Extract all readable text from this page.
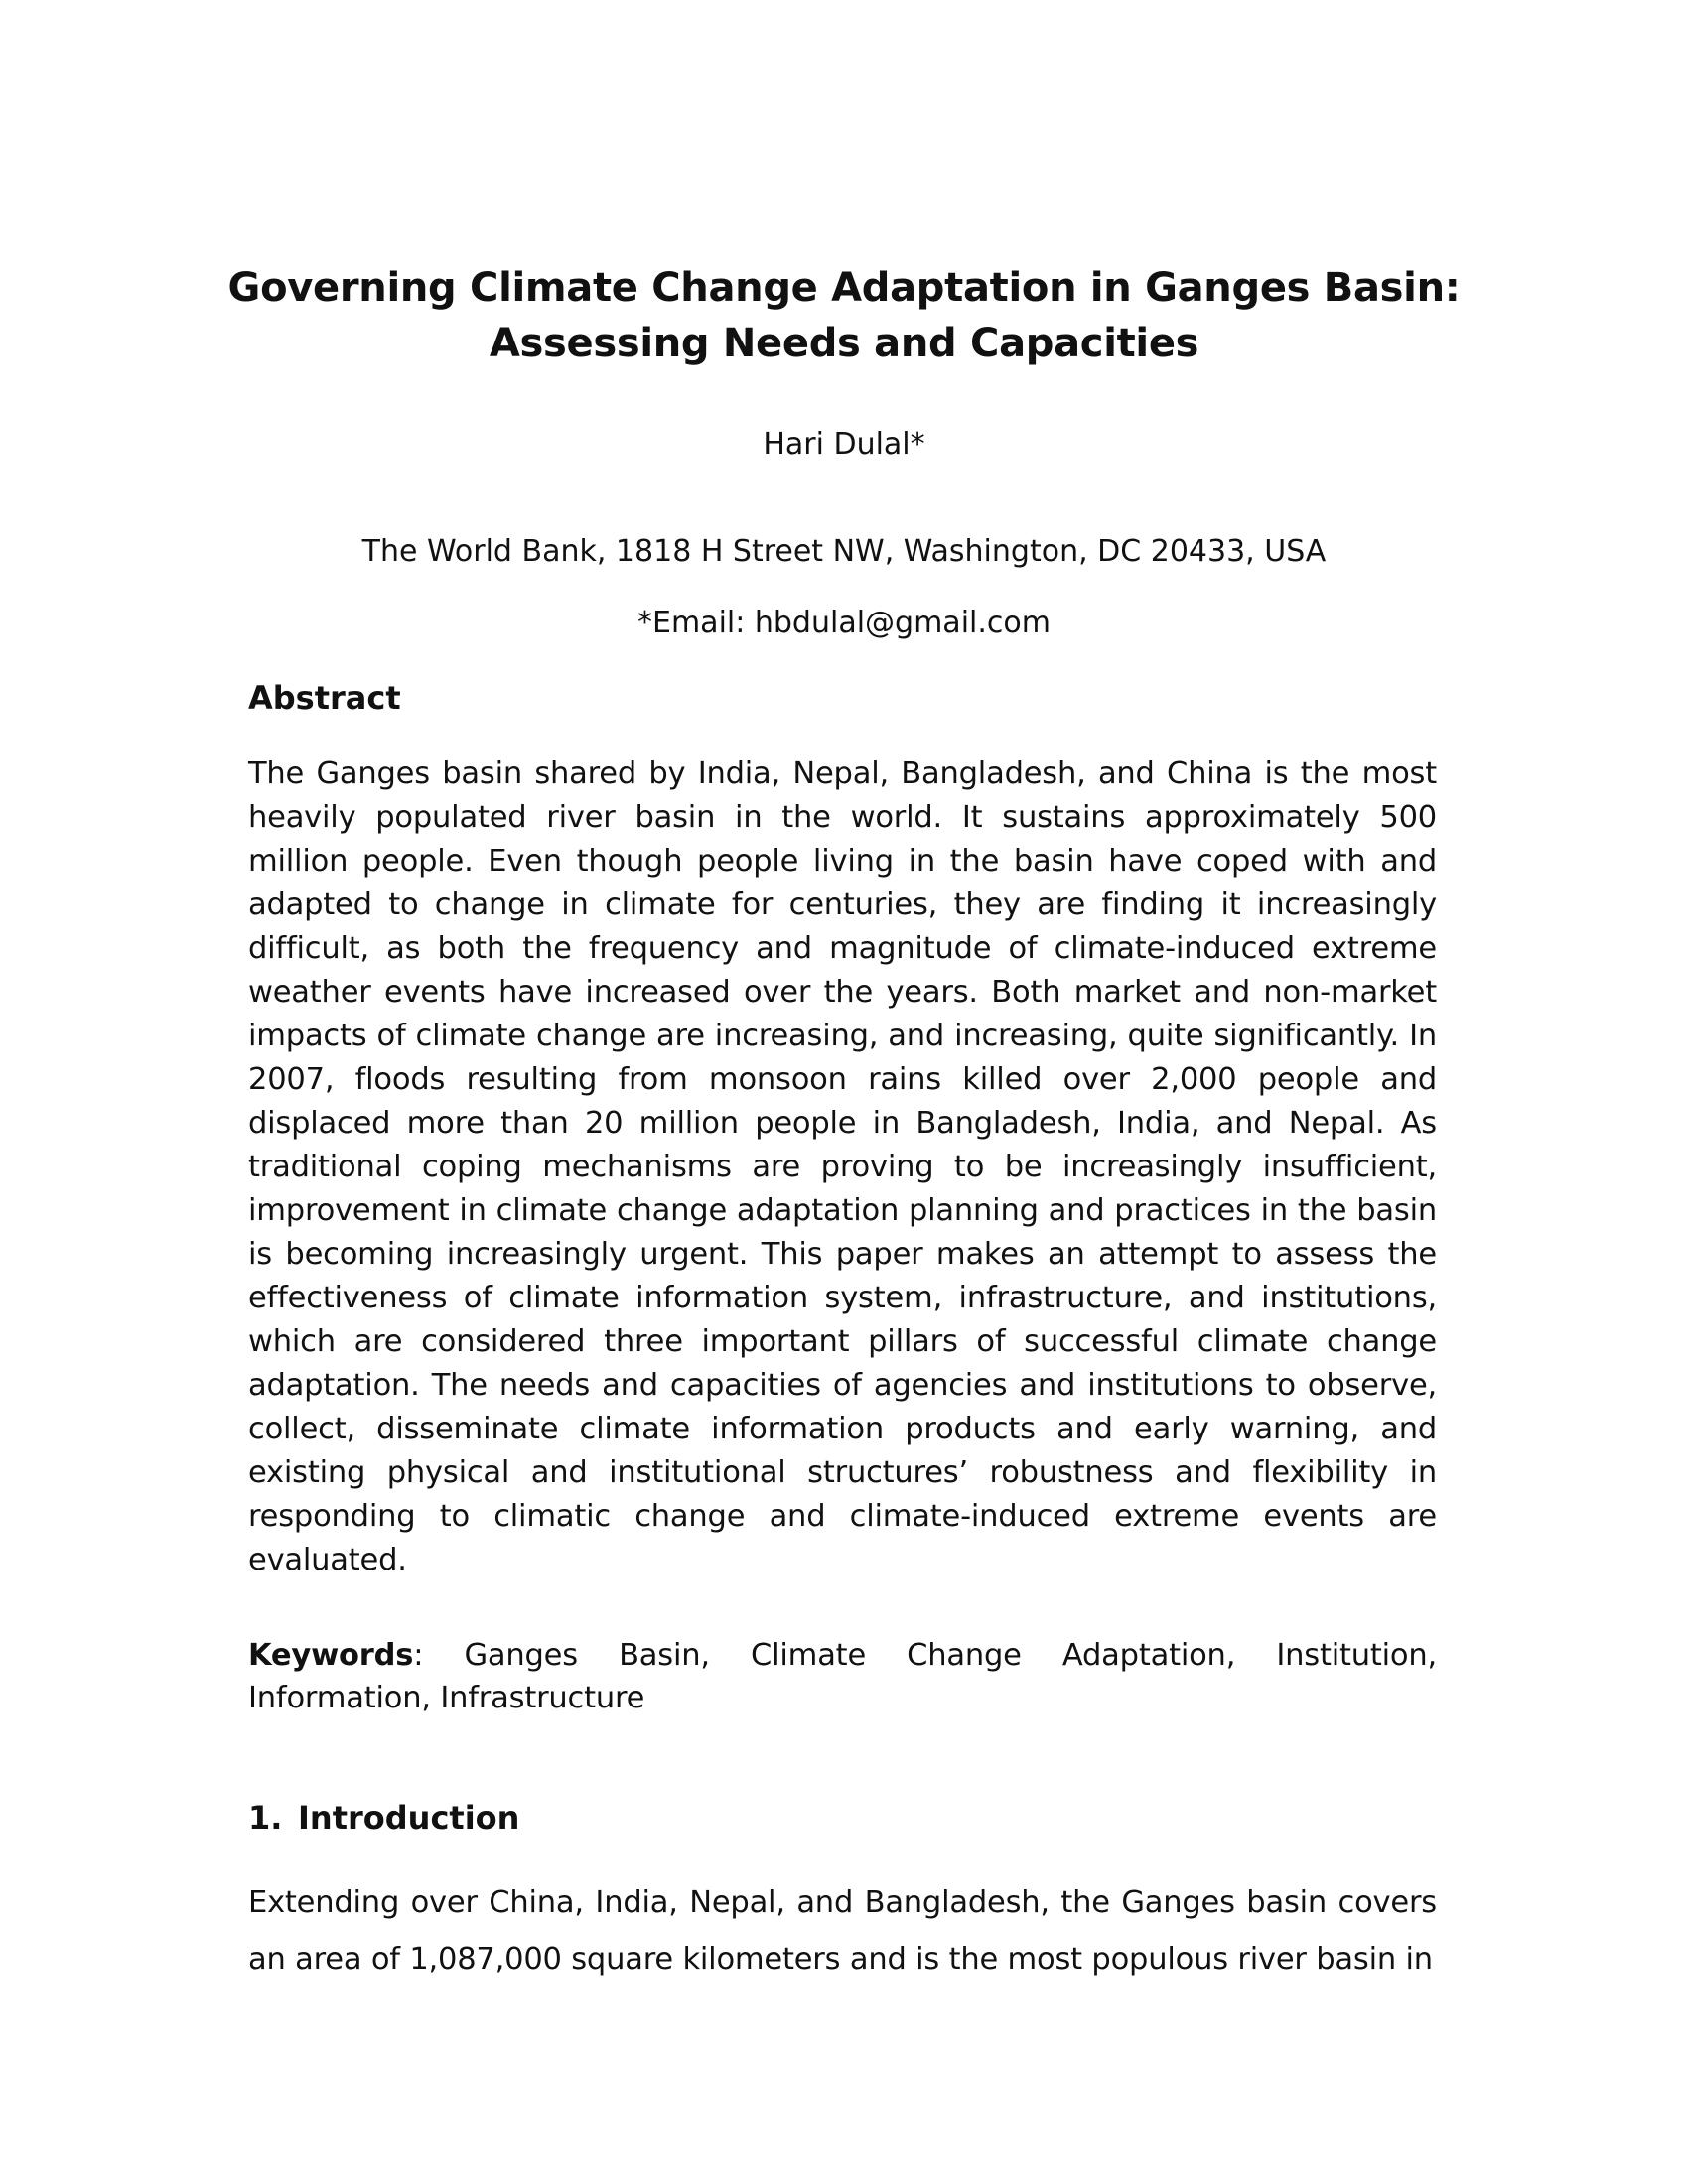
Governing Climate Change Adaptation in Ganges Basin:
Assessing Needs and Capacities
Hari Dulal*
The World Bank, 1818 H Street NW, Washington, DC 20433, USA
*Email: hbdulal@gmail.com
Abstract
The Ganges basin shared by India, Nepal, Bangladesh, and China is the most heavily populated river basin in the world. It sustains approximately 500 million people. Even though people living in the basin have coped with and adapted to change in climate for centuries, they are finding it increasingly difficult, as both the frequency and magnitude of climate-induced extreme weather events have increased over the years. Both market and non-market impacts of climate change are increasing, and increasing, quite significantly. In 2007, floods resulting from monsoon rains killed over 2,000 people and displaced more than 20 million people in Bangladesh, India, and Nepal. As traditional coping mechanisms are proving to be increasingly insufficient, improvement in climate change adaptation planning and practices in the basin is becoming increasingly urgent. This paper makes an attempt to assess the effectiveness of climate information system, infrastructure, and institutions, which are considered three important pillars of successful climate change adaptation. The needs and capacities of agencies and institutions to observe, collect, disseminate climate information products and early warning, and existing physical and institutional structures’ robustness and flexibility in responding to climatic change and climate-induced extreme events are evaluated.
Keywords: Ganges Basin, Climate Change Adaptation, Institution, Information, Infrastructure
1. Introduction
Extending over China, India, Nepal, and Bangladesh, the Ganges basin covers an area of 1,087,000 square kilometers and is the most populous river basin in
